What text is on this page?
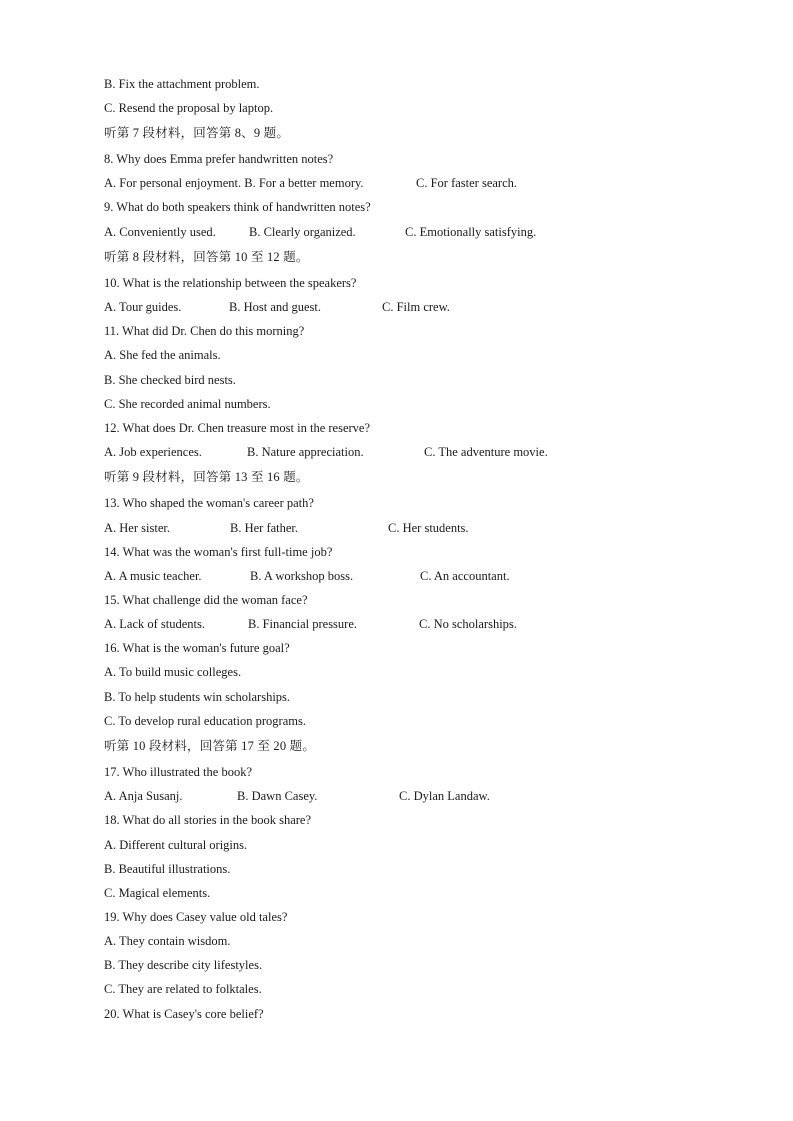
B. Fix the attachment problem.
C. Resend the proposal by laptop.
听第 7 段材料，回答第 8、9 题。
8. Why does Emma prefer handwritten notes?
A. For personal enjoyment. B. For a better memory.	C. For faster search.
9. What do both speakers think of handwritten notes?
A. Conveniently used.	B. Clearly organized.	C. Emotionally satisfying.
听第 8 段材料，回答第 10 至 12 题。
10. What is the relationship between the speakers?
A. Tour guides.	B. Host and guest.	C. Film crew.
11. What did Dr. Chen do this morning?
A. She fed the animals.
B. She checked bird nests.
C. She recorded animal numbers.
12. What does Dr. Chen treasure most in the reserve?
A. Job experiences.	B. Nature appreciation.	C. The adventure movie.
听第 9 段材料，回答第 13 至 16 题。
13. Who shaped the woman's career path?
A. Her sister.	B. Her father.	C. Her students.
14. What was the woman's first full-time job?
A. A music teacher.	B. A workshop boss.	C. An accountant.
15. What challenge did the woman face?
A. Lack of students.	B. Financial pressure.	C. No scholarships.
16. What is the woman's future goal?
A. To build music colleges.
B. To help students win scholarships.
C. To develop rural education programs.
听第 10 段材料，回答第 17 至 20 题。
17. Who illustrated the book?
A. Anja Susanj.	B. Dawn Casey.	C. Dylan Landaw.
18. What do all stories in the book share?
A. Different cultural origins.
B. Beautiful illustrations.
C. Magical elements.
19. Why does Casey value old tales?
A. They contain wisdom.
B. They describe city lifestyles.
C. They are related to folktales.
20. What is Casey's core belief?
